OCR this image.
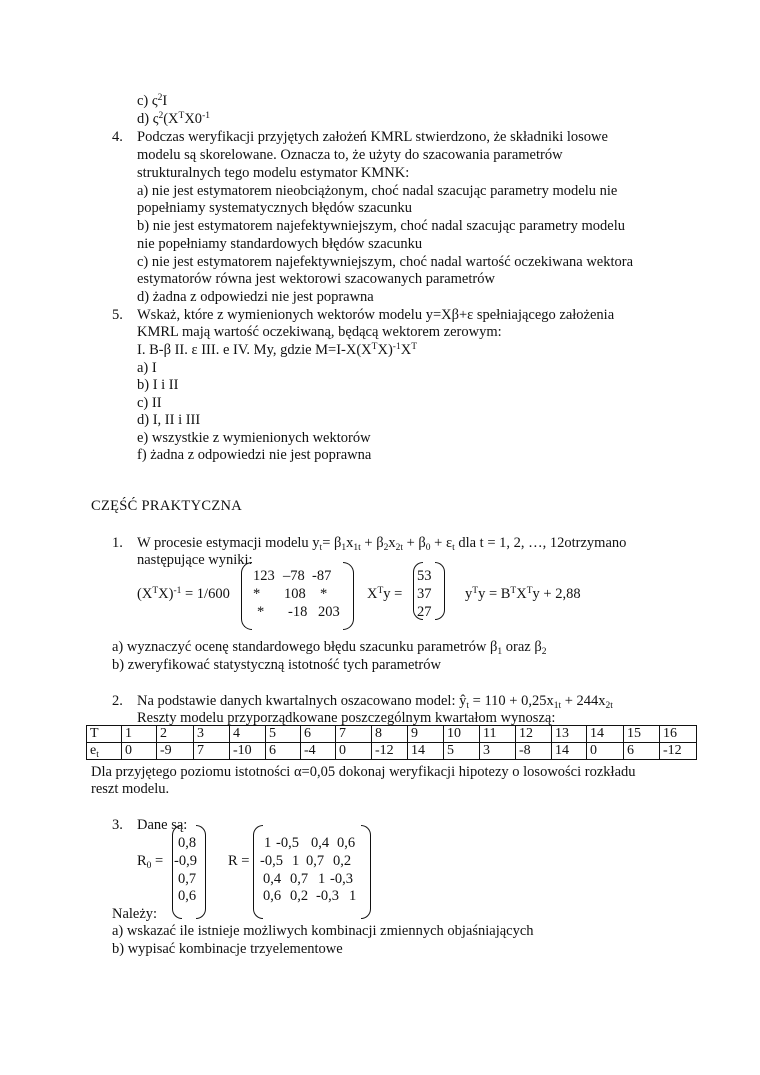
c) $\varsigma^2I$
d) $\varsigma^2(X^TX0^{-1}$
4. Podczas weryfikacji przyjętych założeń KMRL stwierdzono, że składniki losowe
modelu są skorelowane. Oznacza to, że użyty do szacowania parametrów
strukturalnych tego modelu estymator KMNK:
a) nie jest estymatorem nieobciążonym, choć nadal szacując parametry modelu nie
popełniamy systematycznych błędów szacunku
b) nie jest estymatorem najefektywniejszym, choć nadal szacując parametry modelu
nie popełniamy standardowych błędów szacunku
c) nie jest estymatorem najefektywniejszym, choć nadal wartość oczekiwana wektora
estymatorów równa jest wektorowi szacowanych parametrów
d) żadna z odpowiedzi nie jest poprawna
5. Wskaż, które z wymienionych wektorów modelu y=Xβ+ε spełniającego założenia
KMRL mają wartość oczekiwaną, będącą wektorem zerowym:
I. B-β II. ε III. e IV. My, gdzie $M=I-X(X^TX)^{-1}X^T$
a) I
b) I i II
c) II
d) I, II i III
e) wszystkie z wymienionych wektorów
f) żadna z odpowiedzi nie jest poprawna
CZĘŚĆ PRAKTYCZNA
1. W procesie estymacji modelu $y_t= \beta_1x_{1t} + \beta_2x_{2t} + \beta_0 + \varepsilon_t$ dla t = 1, 2, …, 12otrzymano
następujące wyniki:
$(X^TX)^{-1} = 1/600$
123 –78 -87
* 108 *
* -18 203
$X^Ty$ =
53
37
27
$y^Ty = B^TX^Ty + 2,88$
a) wyznaczyć ocenę standardowego błędu szacunku parametrów $\beta_1$ oraz $\beta_2$
b) zweryfikować statystyczną istotność tych parametrów
2. Na podstawie danych kwartalnych oszacowano model: $ŷ_t = 110 + 0,25x_{1t} + 244x_{2t}$
Reszty modelu przyporządkowane poszczególnym kwartałom wynoszą:
T	1	2	3	4	5	6	7	8	9	10	11	12	13	14	15	16
$e_t$	0	-9	7	-10	6	-4	0	-12	14	5	3	-8	14	0	6	-12
Dla przyjętego poziomu istotności α=0,05 dokonaj weryfikacji hipotezy o losowości rozkładu
reszt modelu.
3. Dane są:
$R_0$ =
0,8
-0,9
0,7
0,6
R =
1 -0,5 0,4 0,6
-0,5 1 0,7 0,2
0,4 0,7 1 -0,3
0,6 0,2 -0,3 1
Należy:
a) wskazać ile istnieje możliwych kombinacji zmiennych objaśniających
b) wypisać kombinacje trzyelementowe
